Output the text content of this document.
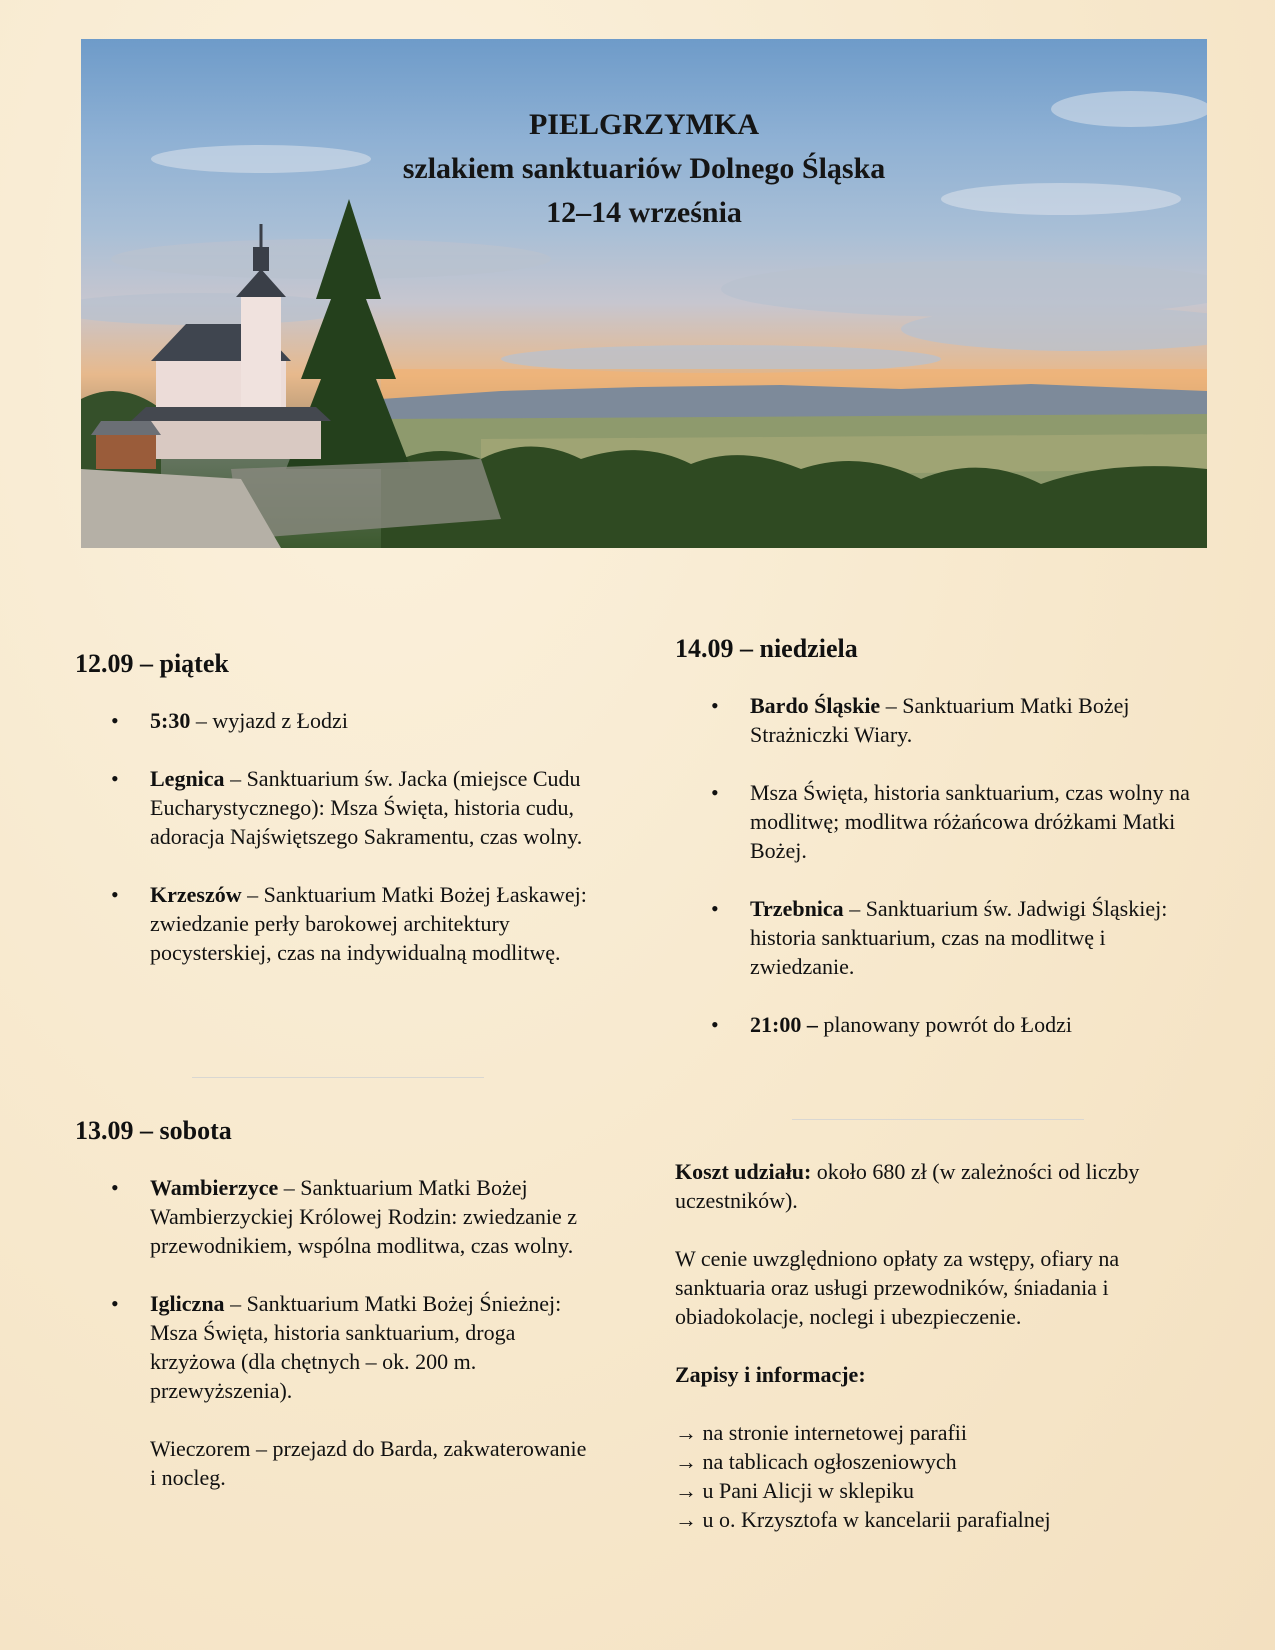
PIELGRZYMKA
szlakiem sanktuariów Dolnego Śląska
12–14 września
12.09 – piątek
• 5:30 – wyjazd z Łodzi
• Legnica – Sanktuarium św. Jacka (miejsce Cudu Eucharystycznego): Msza Święta, historia cudu, adoracja Najświętszego Sakramentu, czas wolny.
• Krzeszów – Sanktuarium Matki Bożej Łaskawej: zwiedzanie perły barokowej architektury pocysterskiej, czas na indywidualną modlitwę.
13.09 – sobota
• Wambierzyce – Sanktuarium Matki Bożej Wambierzyckiej Królowej Rodzin: zwiedzanie z przewodnikiem, wspólna modlitwa, czas wolny.
• Igliczna – Sanktuarium Matki Bożej Śnieżnej: Msza Święta, historia sanktuarium, droga krzyżowa (dla chętnych – ok. 200 m. przewyższenia).
Wieczorem – przejazd do Barda, zakwaterowanie i nocleg.
14.09 – niedziela
• Bardo Śląskie – Sanktuarium Matki Bożej Strażniczki Wiary.
• Msza Święta, historia sanktuarium, czas wolny na modlitwę; modlitwa różańcowa dróżkami Matki Bożej.
• Trzebnica – Sanktuarium św. Jadwigi Śląskiej: historia sanktuarium, czas na modlitwę i zwiedzanie.
• 21:00 – planowany powrót do Łodzi

Koszt udziału: około 680 zł (w zależności od liczby uczestników).

W cenie uwzględniono opłaty za wstępy, ofiary na sanktuaria oraz usługi przewodników, śniadania i obiadokolacje, noclegi i ubezpieczenie.

Zapisy i informacje:

→ na stronie internetowej parafii
→ na tablicach ogłoszeniowych
→ u Pani Alicji w sklepiku
→ u o. Krzysztofa w kancelarii parafialnej
